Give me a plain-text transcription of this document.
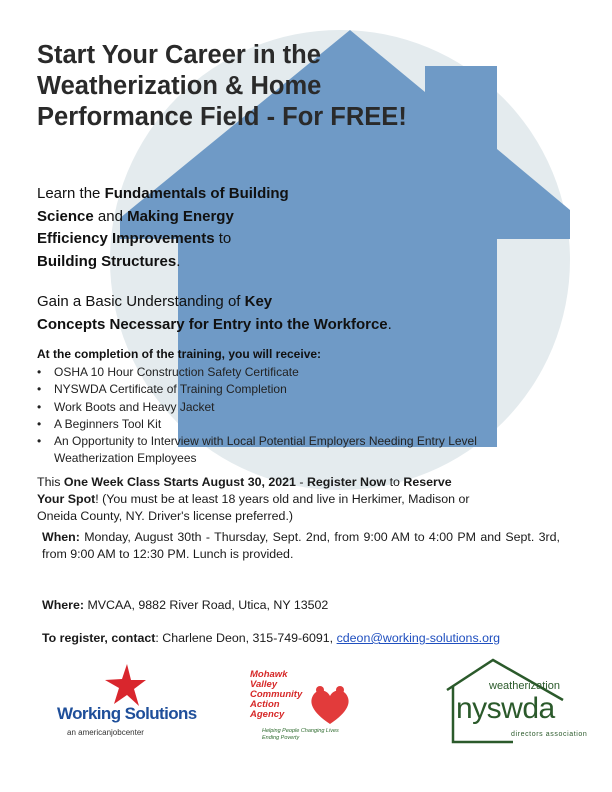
Start Your Career in the
Weatherization & Home
Performance Field - For FREE!
Learn the Fundamentals of Building
Science and Making Energy
Efficiency Improvements to
Building Structures.
Gain a Basic Understanding of Key
Concepts Necessary for Entry into the Workforce.
At the completion of the training, you will receive:
• OSHA 10 Hour Construction Safety Certificate
• NYSWDA Certificate of Training Completion
• Work Boots and Heavy Jacket
• A Beginners Tool Kit
• An Opportunity to Interview with Local Potential Employers Needing Entry Level Weatherization Employees
This One Week Class Starts August 30, 2021 - Register Now to Reserve Your Spot! (You must be at least 18 years old and live in Herkimer, Madison or Oneida County, NY. Driver's license preferred.)
When: Monday, August 30th - Thursday, Sept. 2nd, from 9:00 AM to 4:00 PM and Sept. 3rd, from 9:00 AM to 12:30 PM. Lunch is provided.
Where: MVCAA, 9882 River Road, Utica, NY 13502
To register, contact: Charlene Deon, 315-749-6091, cdeon@working-solutions.org
Working Solutions
an americanjobcenter
Mohawk
Valley
Community
Action
Agency
Helping People Changing Lives Ending Poverty
weatherization
nyswda
directors association
